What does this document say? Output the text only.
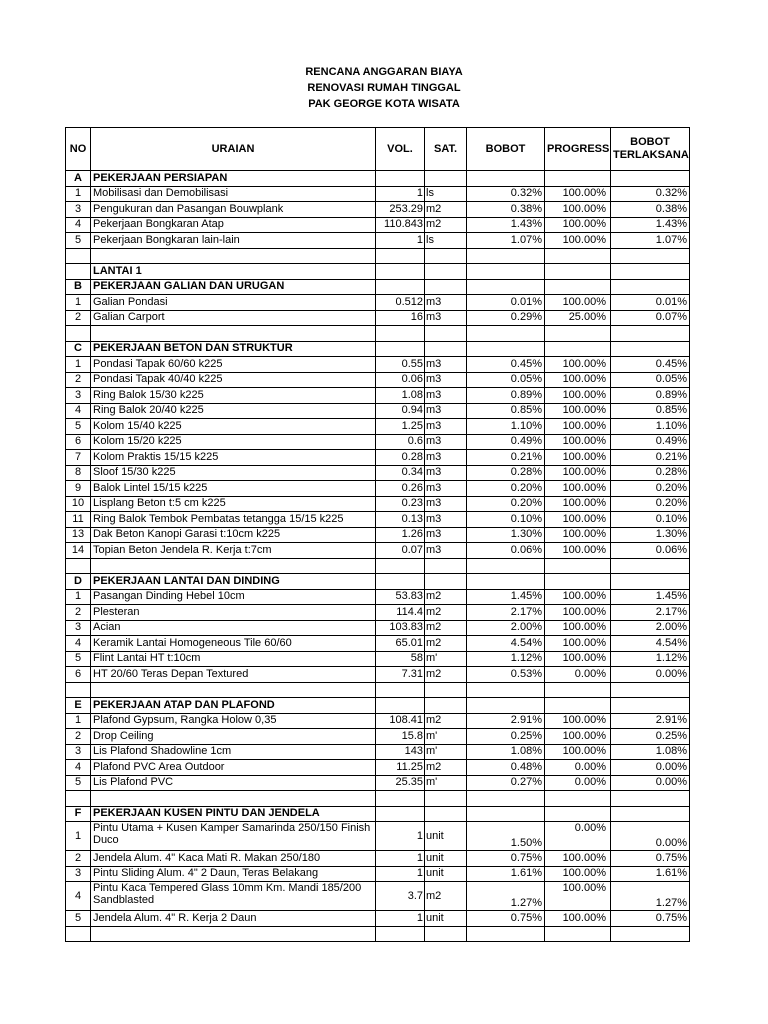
RENCANA ANGGARAN BIAYA
RENOVASI RUMAH TINGGAL
PAK GEORGE KOTA WISATA
NO	URAIAN	VOL.	SAT.	BOBOT	PROGRESS	BOBOT TERLAKSANA
A	PEKERJAAN PERSIAPAN					
1	Mobilisasi dan Demobilisasi	1	ls	0.32%	100.00%	0.32%
3	Pengukuran dan Pasangan Bouwplank	253.29	m2	0.38%	100.00%	0.38%
4	Pekerjaan Bongkaran Atap	110.843	m2	1.43%	100.00%	1.43%
5	Pekerjaan Bongkaran lain-lain	1	ls	1.07%	100.00%	1.07%

	LANTAI 1					
B	PEKERJAAN GALIAN DAN URUGAN					
1	Galian Pondasi	0.512	m3	0.01%	100.00%	0.01%
2	Galian Carport	16	m3	0.29%	25.00%	0.07%

C	PEKERJAAN BETON DAN STRUKTUR					
1	Pondasi Tapak 60/60 k225	0.55	m3	0.45%	100.00%	0.45%
2	Pondasi Tapak 40/40 k225	0.06	m3	0.05%	100.00%	0.05%
3	Ring Balok 15/30 k225	1.08	m3	0.89%	100.00%	0.89%
4	Ring Balok 20/40 k225	0.94	m3	0.85%	100.00%	0.85%
5	Kolom 15/40 k225	1.25	m3	1.10%	100.00%	1.10%
6	Kolom 15/20 k225	0.6	m3	0.49%	100.00%	0.49%
7	Kolom Praktis 15/15 k225	0.28	m3	0.21%	100.00%	0.21%
8	Sloof 15/30 k225	0.34	m3	0.28%	100.00%	0.28%
9	Balok Lintel 15/15 k225	0.26	m3	0.20%	100.00%	0.20%
10	Lisplang Beton t:5 cm k225	0.23	m3	0.20%	100.00%	0.20%
11	Ring Balok Tembok Pembatas tetangga 15/15 k225	0.13	m3	0.10%	100.00%	0.10%
13	Dak Beton Kanopi Garasi t:10cm k225	1.26	m3	1.30%	100.00%	1.30%
14	Topian Beton Jendela R. Kerja t:7cm	0.07	m3	0.06%	100.00%	0.06%

D	PEKERJAAN LANTAI DAN DINDING					
1	Pasangan Dinding Hebel 10cm	53.83	m2	1.45%	100.00%	1.45%
2	Plesteran	114.4	m2	2.17%	100.00%	2.17%
3	Acian	103.83	m2	2.00%	100.00%	2.00%
4	Keramik Lantai Homogeneous Tile 60/60	65.01	m2	4.54%	100.00%	4.54%
5	Flint Lantai HT t:10cm	58	m'	1.12%	100.00%	1.12%
6	HT 20/60 Teras Depan Textured	7.31	m2	0.53%	0.00%	0.00%

E	PEKERJAAN ATAP DAN PLAFOND					
1	Plafond Gypsum, Rangka Holow 0,35	108.41	m2	2.91%	100.00%	2.91%
2	Drop Ceiling	15.8	m'	0.25%	100.00%	0.25%
3	Lis Plafond Shadowline 1cm	143	m'	1.08%	100.00%	1.08%
4	Plafond PVC Area Outdoor	11.25	m2	0.48%	0.00%	0.00%
5	Lis Plafond PVC	25.35	m'	0.27%	0.00%	0.00%

F	PEKERJAAN KUSEN PINTU DAN JENDELA					
1	Pintu Utama + Kusen Kamper Samarinda 250/150 Finish Duco	1	unit	1.50%	0.00%	0.00%
2	Jendela Alum. 4" Kaca Mati R. Makan 250/180	1	unit	0.75%	100.00%	0.75%
3	Pintu Sliding Alum. 4" 2 Daun, Teras Belakang	1	unit	1.61%	100.00%	1.61%
4	Pintu Kaca Tempered Glass 10mm Km. Mandi 185/200 Sandblasted	3.7	m2	1.27%	100.00%	1.27%
5	Jendela Alum. 4" R. Kerja 2 Daun	1	unit	0.75%	100.00%	0.75%
